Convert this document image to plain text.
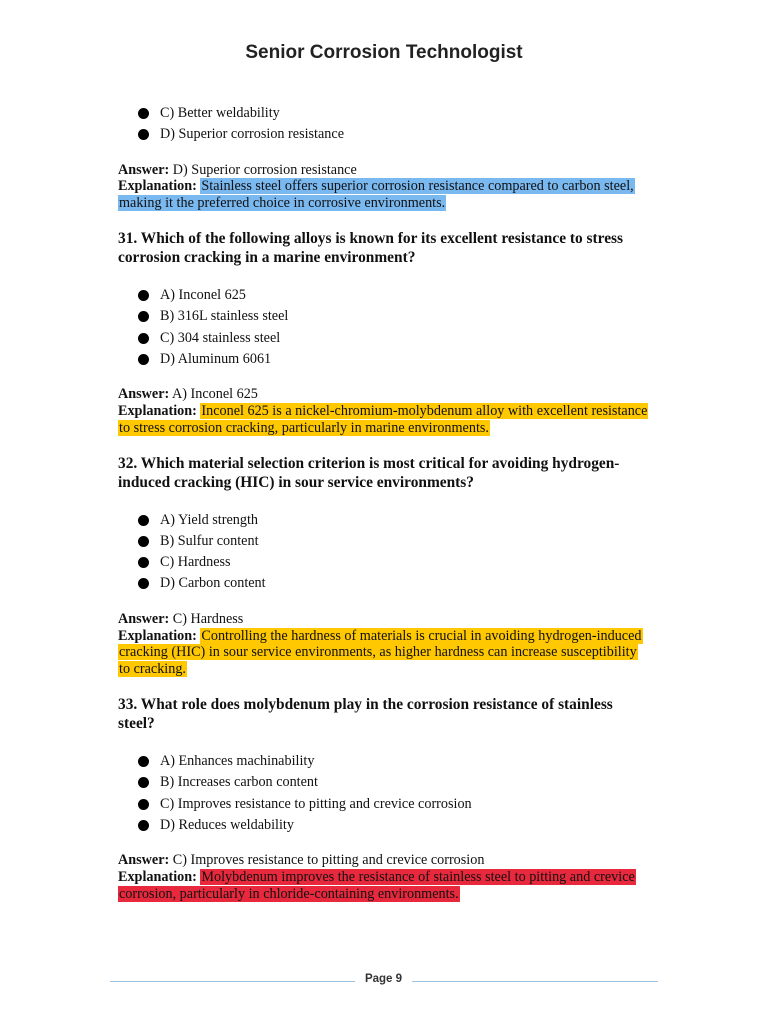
Senior Corrosion Technologist
C) Better weldability
D) Superior corrosion resistance
Answer: D) Superior corrosion resistance
Explanation: Stainless steel offers superior corrosion resistance compared to carbon steel, making it the preferred choice in corrosive environments.
31. Which of the following alloys is known for its excellent resistance to stress corrosion cracking in a marine environment?
A) Inconel 625
B) 316L stainless steel
C) 304 stainless steel
D) Aluminum 6061
Answer: A) Inconel 625
Explanation: Inconel 625 is a nickel-chromium-molybdenum alloy with excellent resistance to stress corrosion cracking, particularly in marine environments.
32. Which material selection criterion is most critical for avoiding hydrogen-induced cracking (HIC) in sour service environments?
A) Yield strength
B) Sulfur content
C) Hardness
D) Carbon content
Answer: C) Hardness
Explanation: Controlling the hardness of materials is crucial in avoiding hydrogen-induced cracking (HIC) in sour service environments, as higher hardness can increase susceptibility to cracking.
33. What role does molybdenum play in the corrosion resistance of stainless steel?
A) Enhances machinability
B) Increases carbon content
C) Improves resistance to pitting and crevice corrosion
D) Reduces weldability
Answer: C) Improves resistance to pitting and crevice corrosion
Explanation: Molybdenum improves the resistance of stainless steel to pitting and crevice corrosion, particularly in chloride-containing environments.
Page 9
